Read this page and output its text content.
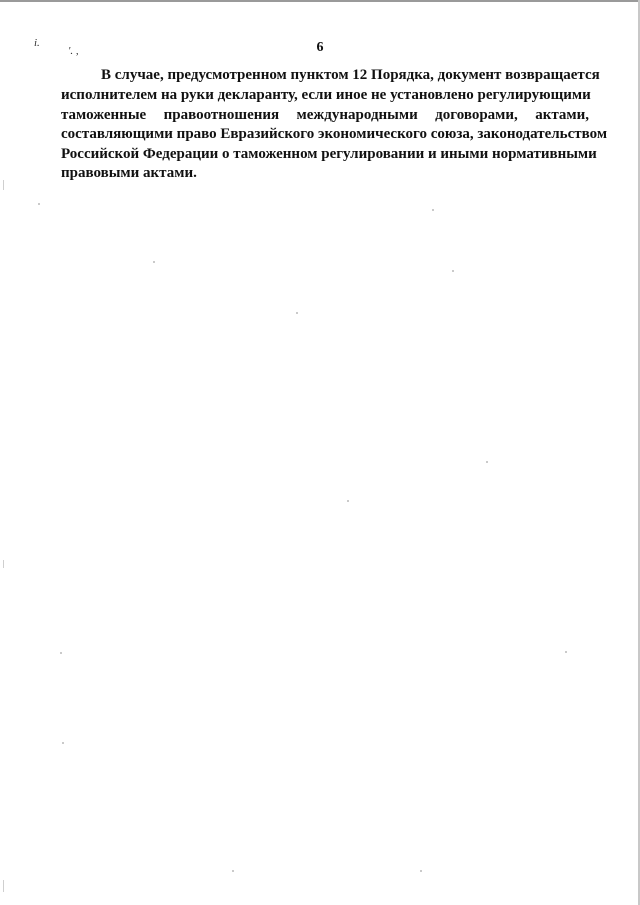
i.
'. ,	6
В случае, предусмотренном пунктом 12 Порядка, документ возвращается
исполнителем на руки декларанту, если иное не установлено регулирующими
таможенные правоотношения международными договорами, актами,
составляющими право Евразийского экономического союза, законодательством
Российской Федерации о таможенном регулировании и иными нормативными
правовыми актами.
